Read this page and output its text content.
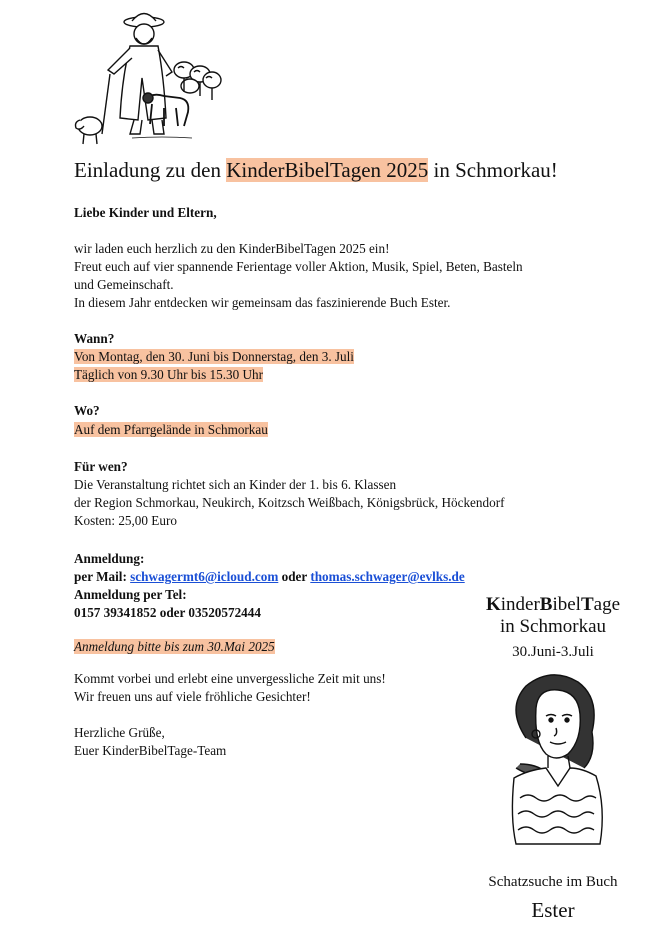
Einladung zu den KinderBibelTagen 2025 in Schmorkau!
Liebe Kinder und Eltern,
wir laden euch herzlich zu den KinderBibelTagen 2025 ein!
Freut euch auf vier spannende Ferientage voller Aktion, Musik, Spiel, Beten, Basteln
und Gemeinschaft.
In diesem Jahr entdecken wir gemeinsam das faszinierende Buch Ester.
Wann?
Von Montag, den 30. Juni bis Donnerstag, den 3. Juli
Täglich von 9.30 Uhr bis 15.30 Uhr
Wo?
Auf dem Pfarrgelände in Schmorkau
Für wen?
Die Veranstaltung richtet sich an Kinder der 1. bis 6. Klassen
der Region Schmorkau, Neukirch, Koitzsch Weißbach, Königsbrück, Höckendorf
Kosten: 25,00 Euro
Anmeldung:
per Mail: schwagermt6@icloud.com oder thomas.schwager@evlks.de
Anmeldung per Tel:
0157 39341852 oder 03520572444
Anmeldung bitte bis zum 30.Mai 2025
Kommt vorbei und erlebt eine unvergessliche Zeit mit uns!
Wir freuen uns auf viele fröhliche Gesichter!
Herzliche Grüße,
Euer KinderBibelTage-Team
KinderBibelTage
in Schmorkau
30.Juni-3.Juli
Schatzsuche im Buch
Ester
